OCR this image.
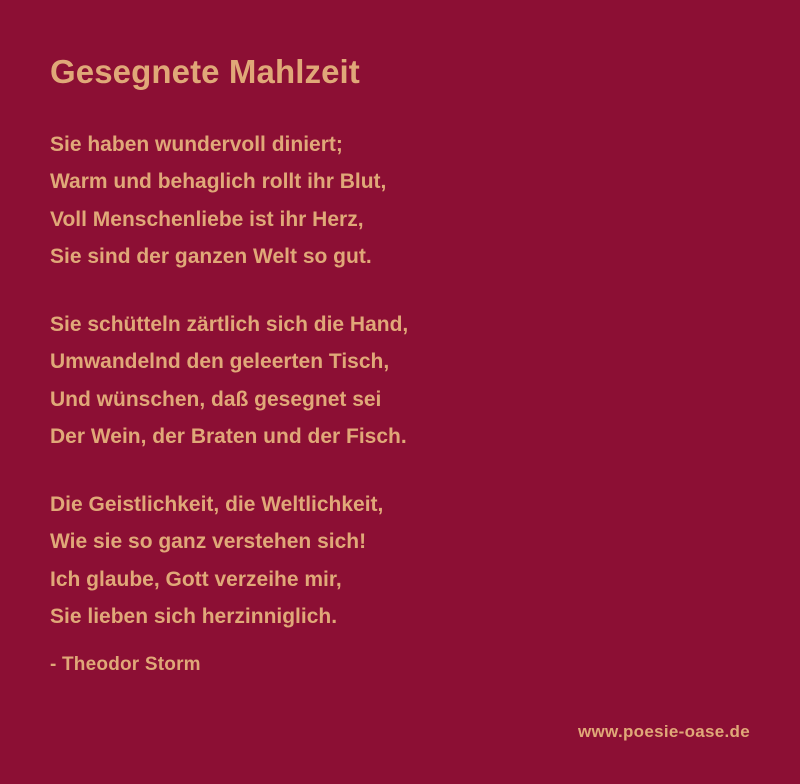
Gesegnete Mahlzeit
Sie haben wundervoll diniert;
Warm und behaglich rollt ihr Blut,
Voll Menschenliebe ist ihr Herz,
Sie sind der ganzen Welt so gut.
Sie schütteln zärtlich sich die Hand,
Umwandelnd den geleerten Tisch,
Und wünschen, daß gesegnet sei
Der Wein, der Braten und der Fisch.
Die Geistlichkeit, die Weltlichkeit,
Wie sie so ganz verstehen sich!
Ich glaube, Gott verzeihe mir,
Sie lieben sich herzinniglich.
- Theodor Storm
www.poesie-oase.de
